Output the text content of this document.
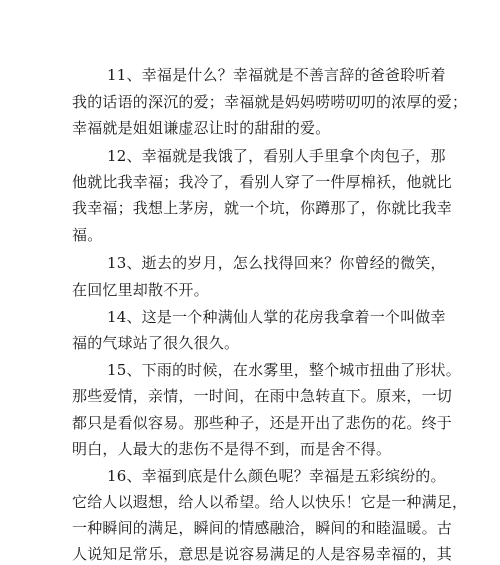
11、幸福是什么？幸福就是不善言辞的爸爸聆听着
我的话语的深沉的爱；幸福就是妈妈唠唠叨叨的浓厚的爱；
幸福就是姐姐谦虚忍让时的甜甜的爱。
12、幸福就是我饿了，看别人手里拿个肉包子，那
他就比我幸福；我冷了，看别人穿了一件厚棉袄，他就比
我幸福；我想上茅房，就一个坑，你蹲那了，你就比我幸
福。
13、逝去的岁月，怎么找得回来？你曾经的微笑，
在回忆里却散不开。
14、这是一个种满仙人掌的花房我拿着一个叫做幸
福的气球站了很久很久。
15、下雨的时候，在水雾里，整个城市扭曲了形状。
那些爱情，亲情，一时间，在雨中急转直下。原来，一切
都只是看似容易。那些种子，还是开出了悲伤的花。终于
明白，人最大的悲伤不是得不到，而是舍不得。
16、幸福到底是什么颜色呢？幸福是五彩缤纷的。
它给人以遐想，给人以希望。给人以快乐！它是一种满足，
一种瞬间的满足，瞬间的情感融洽，瞬间的和睦温暖。古
人说知足常乐，意思是说容易满足的人是容易幸福的，其
